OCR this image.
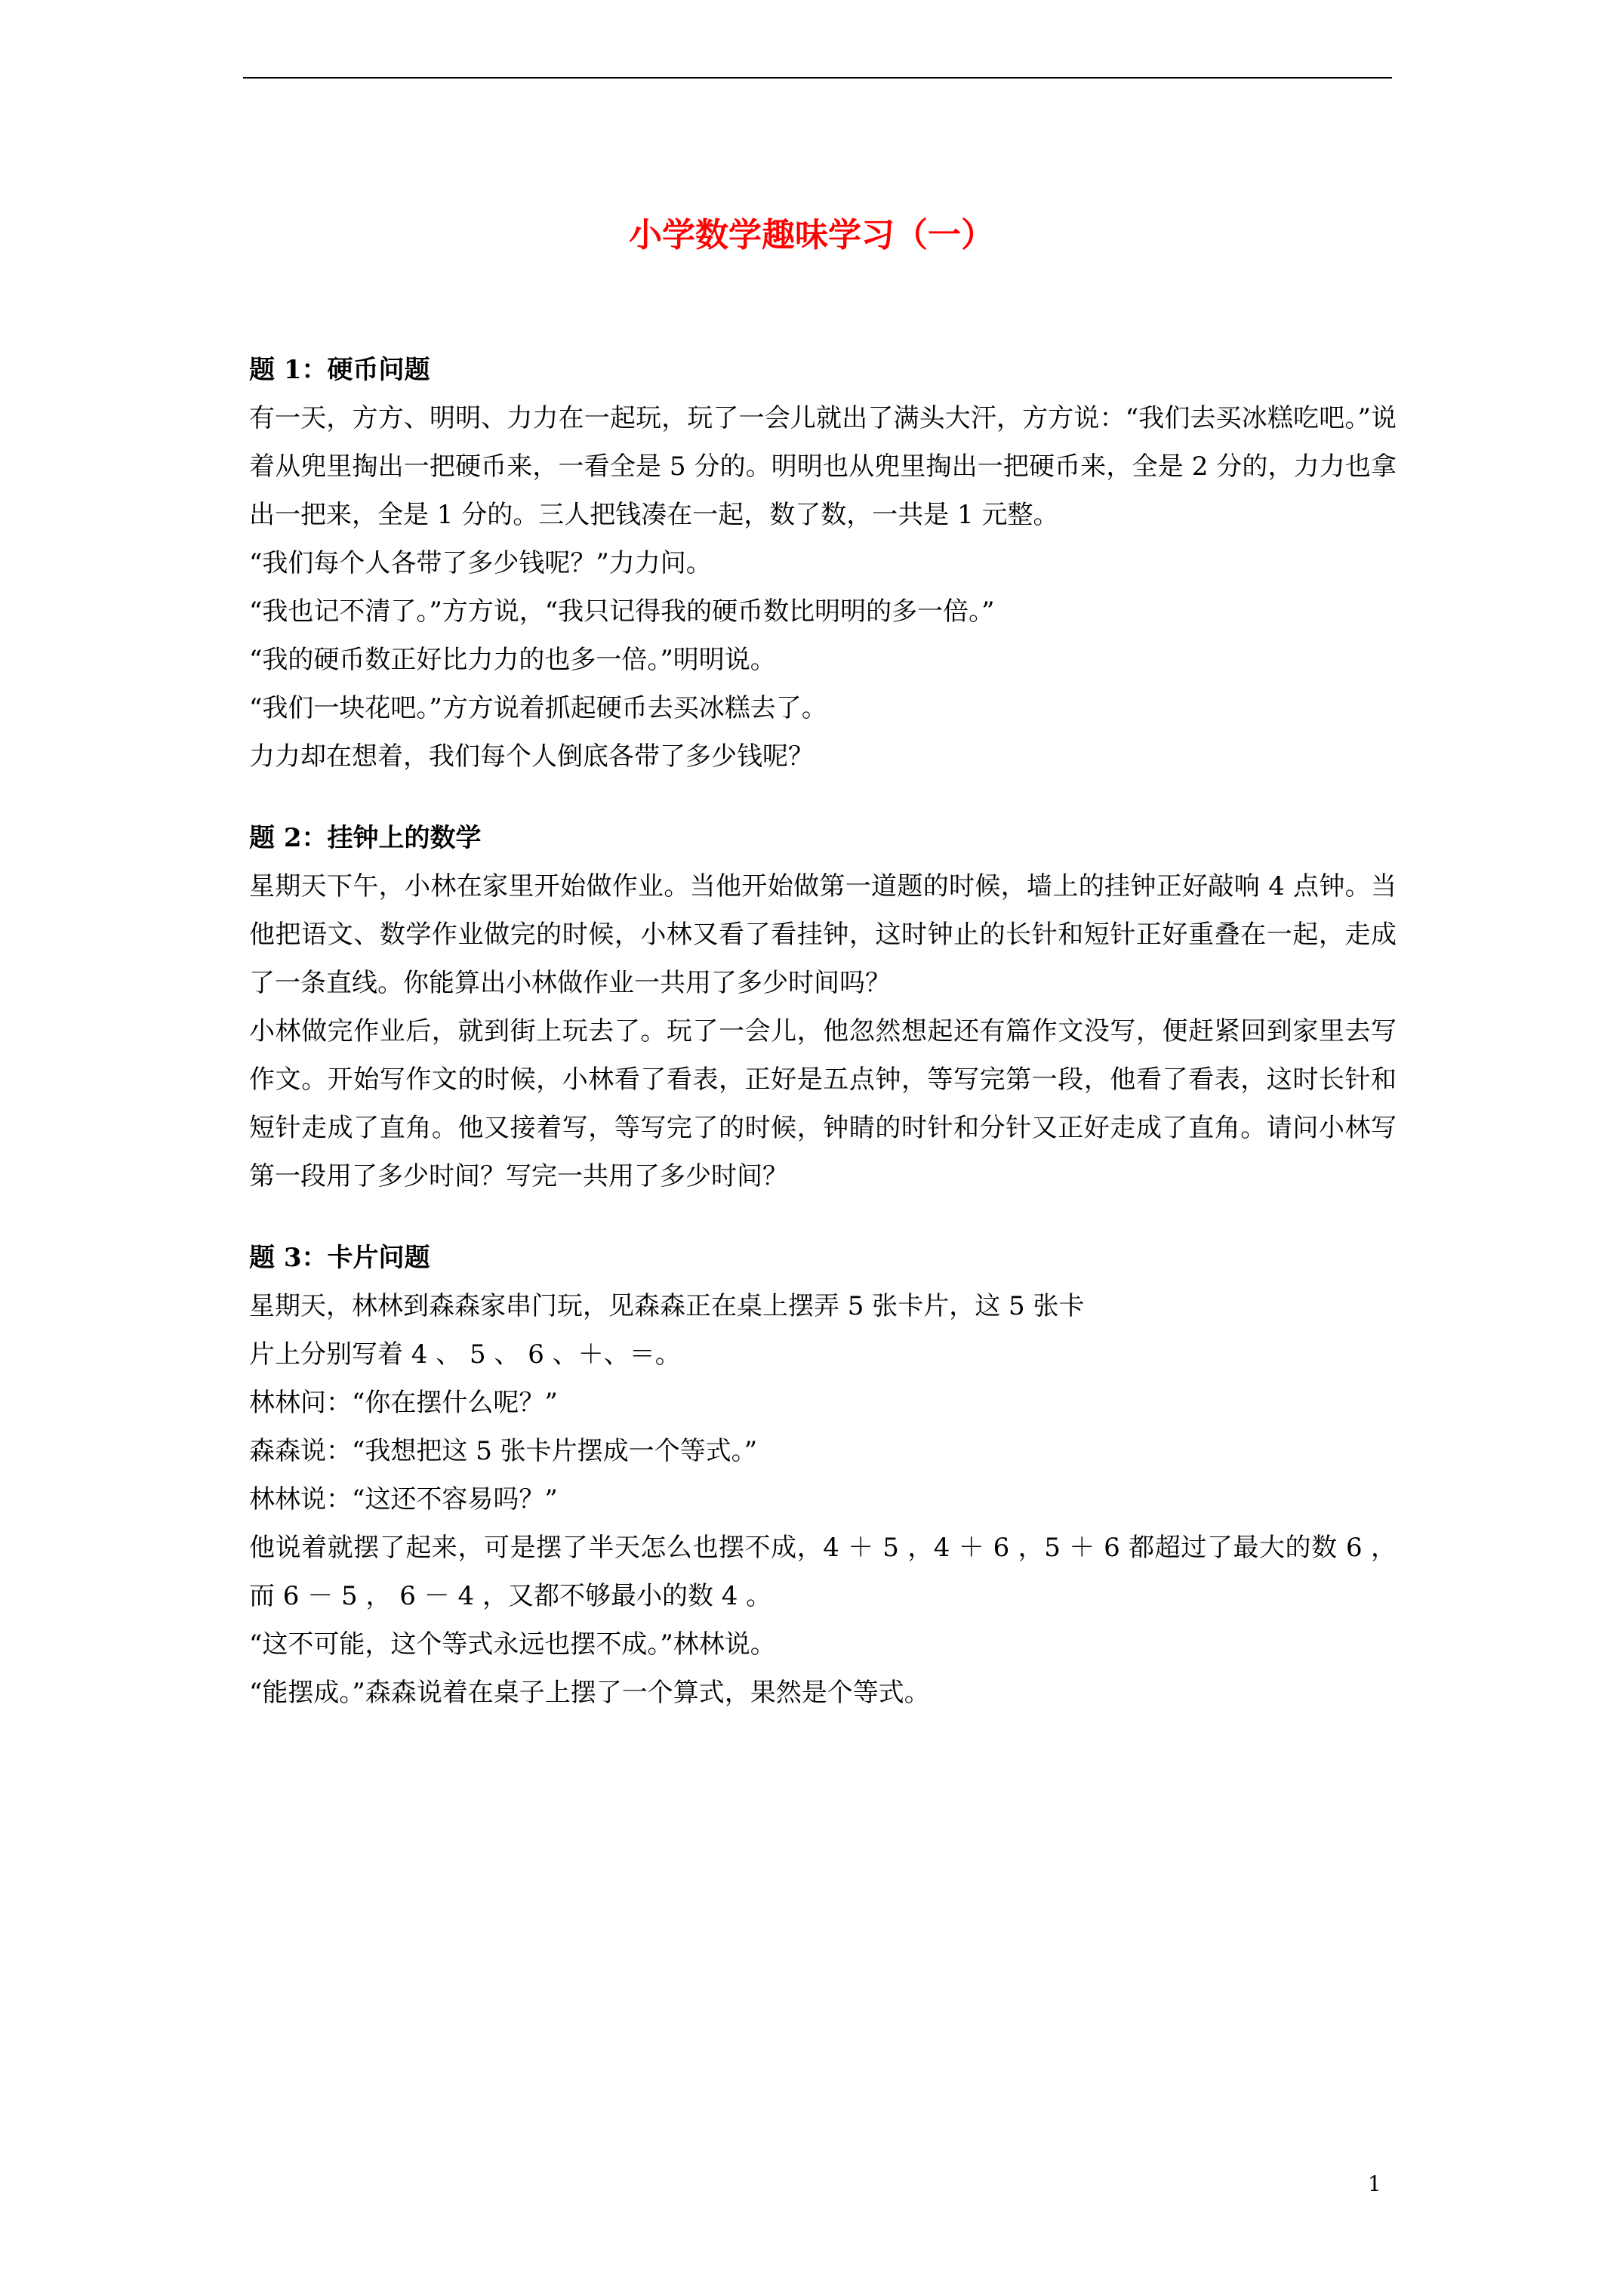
小学数学趣味学习（一）

题 1：硬币问题

有一天，方方、明明、力力在一起玩，玩了一会儿就出了满头大汗，方方说：“我们去买冰糕吃吧。”说着从兜里掏出一把硬币来，一看全是 5 分的。明明也从兜里掏出一把硬币来，全是 2 分的，力力也拿出一把来，全是 1 分的。三人把钱凑在一起，数了数，一共是 1 元整。

“我们每个人各带了多少钱呢？”力力问。

“我也记不清了。”方方说，“我只记得我的硬币数比明明的多一倍。”

“我的硬币数正好比力力的也多一倍。”明明说。

“我们一块花吧。”方方说着抓起硬币去买冰糕去了。

力力却在想着，我们每个人倒底各带了多少钱呢？

题 2：挂钟上的数学

星期天下午，小林在家里开始做作业。当他开始做第一道题的时候，墙上的挂钟正好敲响 4 点钟。当他把语文、数学作业做完的时候，小林又看了看挂钟，这时钟止的长针和短针正好重叠在一起，走成了一条直线。你能算出小林做作业一共用了多少时间吗？

小林做完作业后，就到街上玩去了。玩了一会儿，他忽然想起还有篇作文没写，便赶紧回到家里去写作文。开始写作文的时候，小林看了看表，正好是五点钟，等写完第一段，他看了看表，这时长针和短针走成了直角。他又接着写，等写完了的时候，钟睛的时针和分针又正好走成了直角。请问小林写第一段用了多少时间？写完一共用了多少时间？

题 3：卡片问题

星期天，林林到森森家串门玩，见森森正在桌上摆弄 5 张卡片，这 5 张卡

片上分别写着 4 、 5 、 6 、＋、＝。

林林问：“你在摆什么呢？”

森森说：“我想把这 5 张卡片摆成一个等式。”

林林说：“这还不容易吗？”

他说着就摆了起来，可是摆了半天怎么也摆不成，4 ＋ 5 ，4 ＋ 6 ，5 ＋ 6 都超过了最大的数 6 ，而 6 － 5 ， 6 － 4 ，又都不够最小的数 4 。

“这不可能，这个等式永远也摆不成。”林林说。

“能摆成。”森森说着在桌子上摆了一个算式，果然是个等式。

1
